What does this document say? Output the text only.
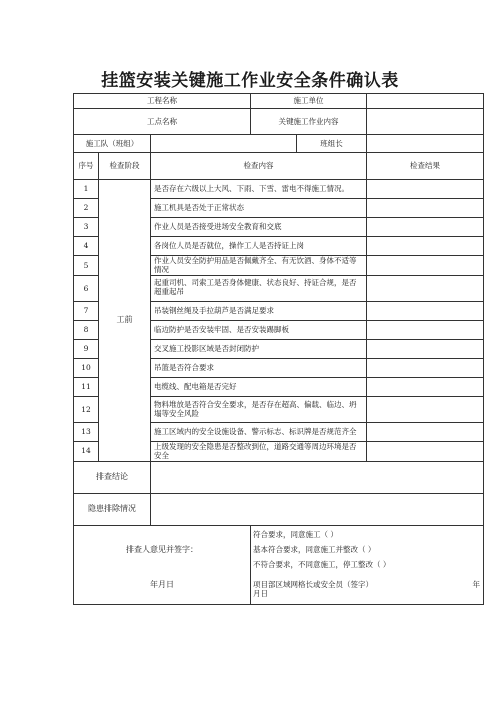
挂篮安装关键施工作业安全条件确认表
工程名称			施工单位		
工点名称			关键施工作业内容		
施工队（班组）				班组长	
序号	检查阶段	检查内容			检查结果
1	工前	是否存在六级以上大风、下雨、下雪、雷电不得施工情况。			
2		施工机具是否处于正常状态			
3		作业人员是否接受进场安全教育和交底			
4		各岗位人员是否就位，操作工人是否持证上岗			
5		作业人员安全防护用品是否佩戴齐全、有无饮酒、身体不适等情况			
6		起重司机、司索工是否身体健康、状态良好、持证合规，是否超重起吊			
7		吊装钢丝绳及手拉葫芦是否满足要求			
8		临边防护是否安装牢固、是否安装踢脚板			
9		交叉施工投影区域是否封闭防护			
10		吊篮是否符合要求			
11		电缆线、配电箱是否完好			
12		物料堆放是否符合安全要求，是否存在超高、偏载、临边、坍塌等安全风险			
13		施工区域内的安全设施设备、警示标志、标识牌是否规范齐全			
14		上级发现的安全隐患是否整改到位，道路交通等周边环境是否安全			
排查结论					
隐患排除情况					
排查人意见并签字：			符合要求，同意施工（ ）
基本符合要求，同意施工并整改（ ）
不符合要求，不同意施工，停工整改（ ）		

年月日			项目部区域网格长或安全员（签字） 年
月日		
